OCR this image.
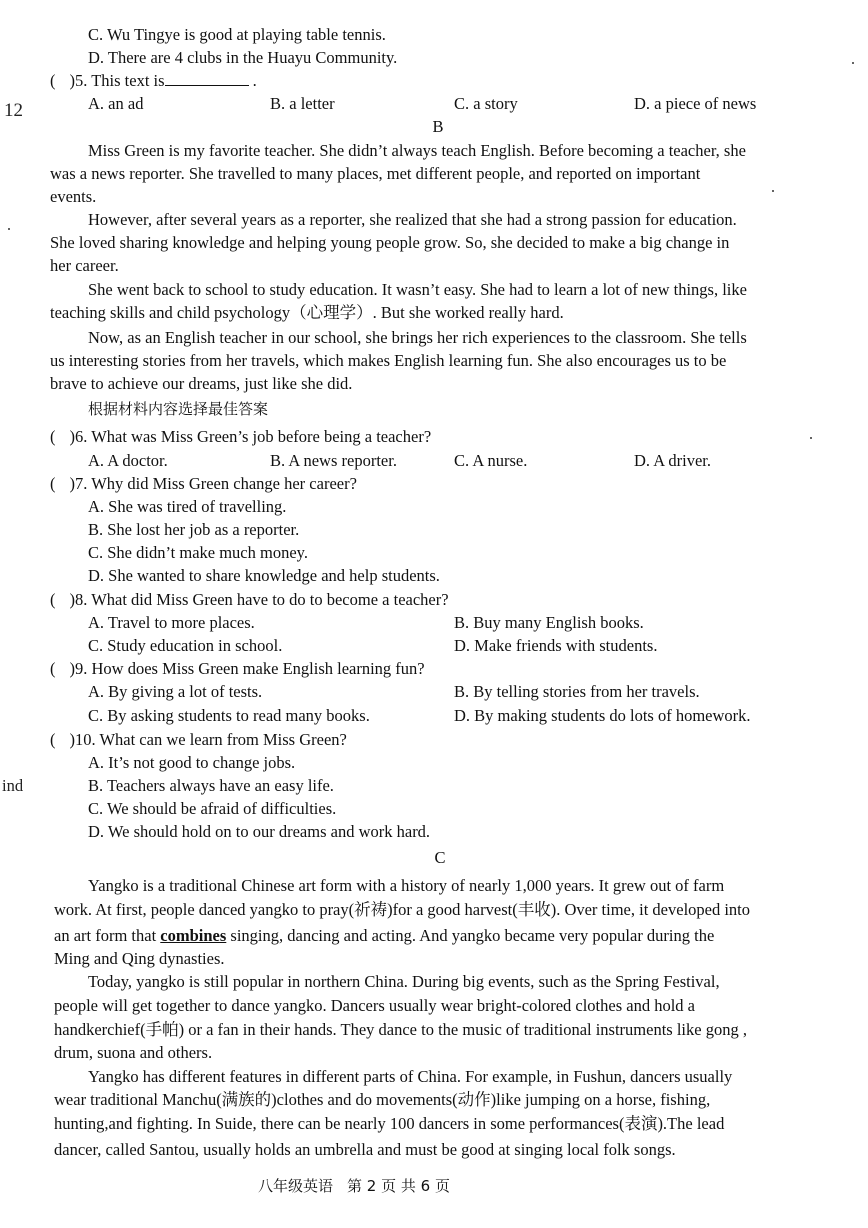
12
ind
C. Wu Tingye is good at playing table tennis.
D. There are 4 clubs in the Huayu Community.
( )5. This text is	.
A. an ad	B. a letter	C. a story	D. a piece of news
B
Miss Green is my favorite teacher. She didn’t always teach English. Before becoming a teacher, she
was a news reporter. She travelled to many places, met different people, and reported on important
events.
However, after several years as a reporter, she realized that she had a strong passion for education.
She loved sharing knowledge and helping young people grow. So, she decided to make a big change in
her career.
She went back to school to study education. It wasn’t easy. She had to learn a lot of new things, like
teaching skills and child psychology（心理学）. But she worked really hard.
Now, as an English teacher in our school, she brings her rich experiences to the classroom. She tells
us interesting stories from her travels, which makes English learning fun. She also encourages us to be
brave to achieve our dreams, just like she did.
根据材料内容选择最佳答案
( )6. What was Miss Green’s job before being a teacher?
A. A doctor.	B. A news reporter.	C. A nurse.	D. A driver.
( )7. Why did Miss Green change her career?
A. She was tired of travelling.
B. She lost her job as a reporter.
C. She didn’t make much money.
D. She wanted to share knowledge and help students.
( )8. What did Miss Green have to do to become a teacher?
A. Travel to more places.	B. Buy many English books.
C. Study education in school.	D. Make friends with students.
( )9. How does Miss Green make English learning fun?
A. By giving a lot of tests.	B. By telling stories from her travels.
C. By asking students to read many books.	D. By making students do lots of homework.
( )10. What can we learn from Miss Green?
A. It’s not good to change jobs.
B. Teachers always have an easy life.
C. We should be afraid of difficulties.
D. We should hold on to our dreams and work hard.
C
Yangko is a traditional Chinese art form with a history of nearly 1,000 years. It grew out of farm
work. At first, people danced yangko to pray(祈祷)for a good harvest(丰收). Over time, it developed into
an art form that combines singing, dancing and acting. And yangko became very popular during the
Ming and Qing dynasties.
Today, yangko is still popular in northern China. During big events, such as the Spring Festival,
people will get together to dance yangko. Dancers usually wear bright-colored clothes and hold a
handkerchief(手帕) or a fan in their hands. They dance to the music of traditional instruments like gong ,
drum, suona and others.
Yangko has different features in different parts of China. For example, in Fushun, dancers usually
wear traditional Manchu(满族的)clothes and do movements(动作)like jumping on a horse, fishing,
hunting,and fighting. In Suide, there can be nearly 100 dancers in some performances(表演).The lead
dancer, called Santou, usually holds an umbrella and must be good at singing local folk songs.
八年级英语 第 2 页 共 6 页
